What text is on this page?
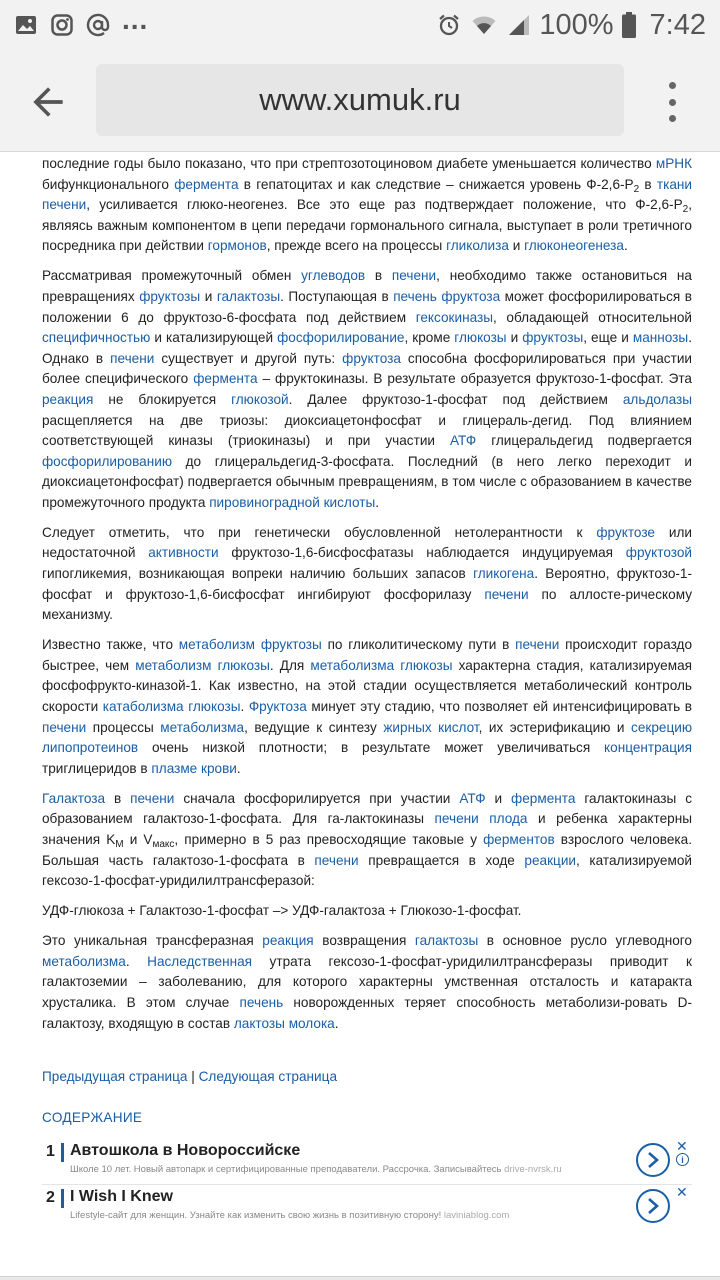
...	100% 7:42
www.xumuk.ru

последние годы было показано, что при стрептозотоциновом диабете уменьшается количество мРНК бифункционального фермента в гепатоцитах и как следствие – снижается уровень $Ф-2,6-P_2$ в ткани печени, усиливается глюко-неогенез. Все это еще раз подтверждает положение, что $Ф-2,6-P_2$, являясь важным компонентом в цепи передачи гормонального сигнала, выступает в роли третичного посредника при действии гормонов, прежде всего на процессы гликолиза и глюконеогенеза.

Рассматривая промежуточный обмен углеводов в печени, необходимо также остановиться на превращениях фруктозы и галактозы. Поступающая в печень фруктоза может фосфорилироваться в положении 6 до фруктозо-6-фосфата под действием гексокиназы, обладающей относительной специфичностью и катализирующей фосфорилирование, кроме глюкозы и фруктозы, еще и маннозы. Однако в печени существует и другой путь: фруктоза способна фосфорилироваться при участии более специфического фермента – фруктокиназы. В результате образуется фруктозо-1-фосфат. Эта реакция не блокируется глюкозой. Далее фруктозо-1-фосфат под действием альдолазы расщепляется на две триозы: диоксиацетонфосфат и глицераль-дегид. Под влиянием соответствующей киназы (триокиназы) и при участии АТФ глицеральдегид подвергается фосфорилированию до глицеральдегид-3-фосфата. Последний (в него легко переходит и диоксиацетонфосфат) подвергается обычным превращениям, в том числе с образованием в качестве промежуточного продукта пировиноградной кислоты.

Следует отметить, что при генетически обусловленной нетолерантности к фруктозе или недостаточной активности фруктозо-1,6-бисфосфатазы наблюдается индуцируемая фруктозой гипогликемия, возникающая вопреки наличию больших запасов гликогена. Вероятно, фруктозо-1-фосфат и фруктозо-1,6-бисфосфат ингибируют фосфорилазу печени по аллосте-рическому механизму.

Известно также, что метаболизм фруктозы по гликолитическому пути в печени происходит гораздо быстрее, чем метаболизм глюкозы. Для метаболизма глюкозы характерна стадия, катализируемая фосфофрукто-киназой-1. Как известно, на этой стадии осуществляется метаболический контроль скорости катаболизма глюкозы. Фруктоза минует эту стадию, что позволяет ей интенсифицировать в печени процессы метаболизма, ведущие к синтезу жирных кислот, их эстерификацию и секрецию липопротеинов очень низкой плотности; в результате может увеличиваться концентрация триглицеридов в плазме крови.

Галактоза в печени сначала фосфорилируется при участии АТФ и фермента галактокиназы с образованием галактозо-1-фосфата. Для га-лактокиназы печени плода и ребенка характерны значения $K_M$ и $V_{макс}$, примерно в 5 раз превосходящие таковые у ферментов взрослого человека. Большая часть галактозо-1-фосфата в печени превращается в ходе реакции, катализируемой гексозо-1-фосфат-уридилилтрансферазой:

УДФ-глюкоза + Галактозо-1-фосфат –> УДФ-галактоза + Глюкозо-1-фосфат.

Это уникальная трансферазная реакция возвращения галактозы в основное русло углеводного метаболизма. Наследственная утрата гексозо-1-фосфат-уридилилтрансферазы приводит к галактоземии – заболеванию, для которого характерны умственная отсталость и катаракта хрусталика. В этом случае печень новорожденных теряет способность метаболизи-ровать D-галактозу, входящую в состав лактозы молока.

Предыдущая страница | Следующая страница
СОДЕРЖАНИЕ
1 Автошкола в Новороссийске
Школе 10 лет. Новый автопарк и сертифицированные преподаватели. Рассрочка. Записывайтесь drive-nvrsk.ru
✕
i
2 I Wish I Knew
Lifestyle-сайт для женщин. Узнайте как изменить свою жизнь в позитивную сторону! laviniablog.com
✕
